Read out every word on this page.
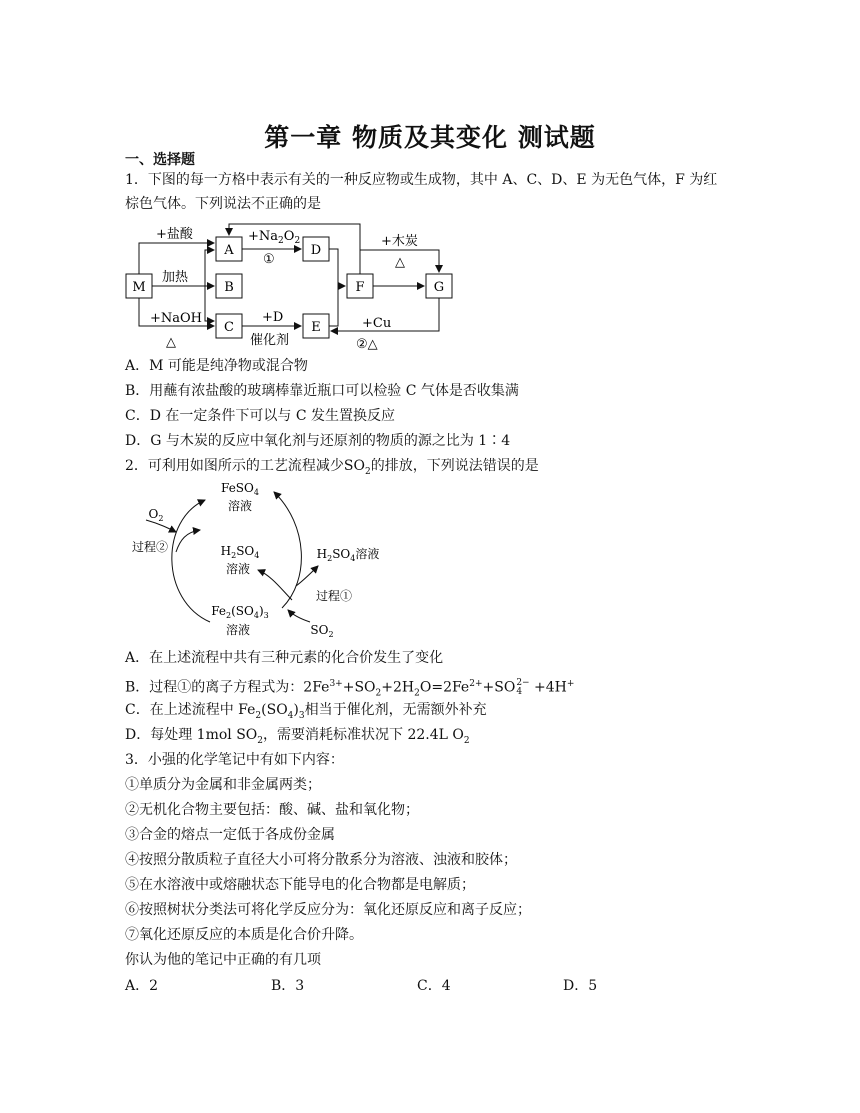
第一章 物质及其变化 测试题
一、选择题
1．下图的每一方格中表示有关的一种反应物或生成物，其中 A、C、D、E 为无色气体，F 为红
棕色气体。下列说法不正确的是
M
A
B
C
D
E
F	G
+盐酸
加热
+NaOH
△
$+Na_2O_2$
①
+D
催化剂
+木炭
△
+Cu
②△
A．M 可能是纯净物或混合物
B．用蘸有浓盐酸的玻璃棒靠近瓶口可以检验 C 气体是否收集满
C．D 在一定条件下可以与 C 发生置换反应
D．G 与木炭的反应中氧化剂与还原剂的物质的源之比为 1∶4
2．可利用如图所示的工艺流程减少$SO_2$的排放，下列说法错误的是
FeSO$_4$
溶液
$O_2$
过程②	$H_2SO_4$
溶液
$H_2SO_4$溶液
过程①
$Fe_2(SO_4)_3$
溶液	$SO_2$
A．在上述流程中共有三种元素的化合价发生了变化
B．过程①的离子方程式为：$2Fe^{3+}+SO_2+2H_2O=2Fe^{2+}+SO$ 2−
4 +4H+
C．在上述流程中 $Fe_2(SO_4)_3$相当于催化剂，无需额外补充
D．每处理 1mol $SO_2$，需要消耗标准状况下 22.4L $O_2$
3．小强的化学笔记中有如下内容：
①单质分为金属和非金属两类；
②无机化合物主要包括：酸、碱、盐和氧化物；
③合金的熔点一定低于各成份金属
④按照分散质粒子直径大小可将分散系分为溶液、浊液和胶体；
⑤在水溶液中或熔融状态下能导电的化合物都是电解质；
⑥按照树状分类法可将化学反应分为：氧化还原反应和离子反应；
⑦氧化还原反应的本质是化合价升降。
你认为他的笔记中正确的有几项
A．2	B．3	C．4	D．5
